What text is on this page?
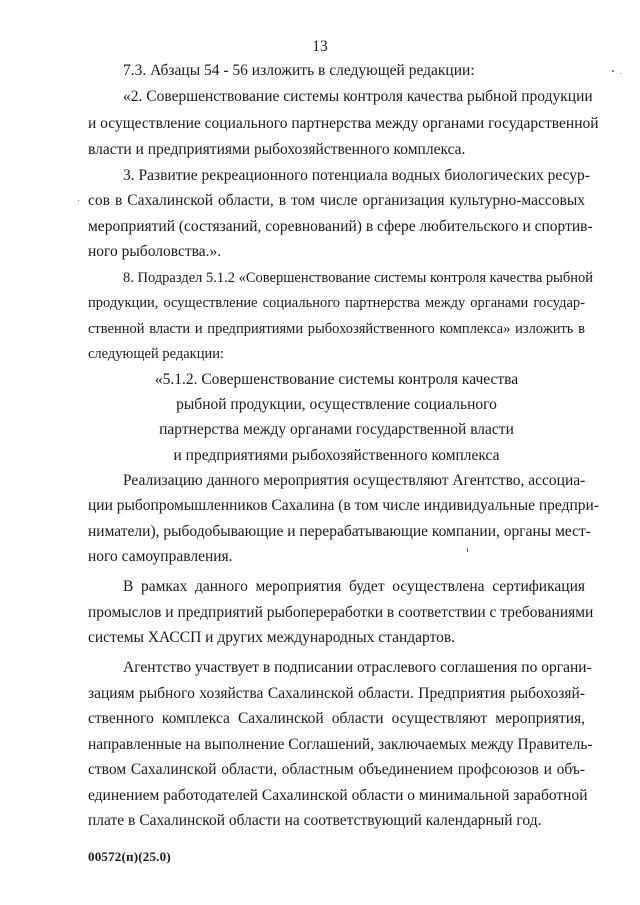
13
7.3. Абзацы 54 - 56 изложить в следующей редакции:
«2. Совершенствование системы контроля качества рыбной продукции
и осуществление социального партнерства между органами государственной
власти и предприятиями рыбохозяйственного комплекса.
3. Развитие рекреационного потенциала водных биологических ресур-
сов в Сахалинской области, в том числе организация культурно-массовых
мероприятий (состязаний, соревнований) в сфере любительского и спортив-
ного рыболовства.».
8. Подраздел 5.1.2 «Совершенствование системы контроля качества рыбной
продукции, осуществление социального партнерства между органами государ-
ственной власти и предприятиями рыбохозяйственного комплекса» изложить в
следующей редакции:
«5.1.2. Совершенствование системы контроля качества
рыбной продукции, осуществление социального
партнерства между органами государственной власти
и предприятиями рыбохозяйственного комплекса
Реализацию данного мероприятия осуществляют Агентство, ассоциа-
ции рыбопромышленников Сахалина (в том числе индивидуальные предпри-
ниматели), рыбодобывающие и перерабатывающие компании, органы мест-
ного самоуправления.
В рамках данного мероприятия будет осуществлена сертификация
промыслов и предприятий рыбопереработки в соответствии с требованиями
системы ХАССП и других международных стандартов.
Агентство участвует в подписании отраслевого соглашения по органи-
зациям рыбного хозяйства Сахалинской области. Предприятия рыбохозяй-
ственного комплекса Сахалинской области осуществляют мероприятия,
направленные на выполнение Соглашений, заключаемых между Правитель-
ством Сахалинской области, областным объединением профсоюзов и объ-
единением работодателей Сахалинской области о минимальной заработной
плате в Сахалинской области на соответствующий календарный год.
00572(п)(25.0)
